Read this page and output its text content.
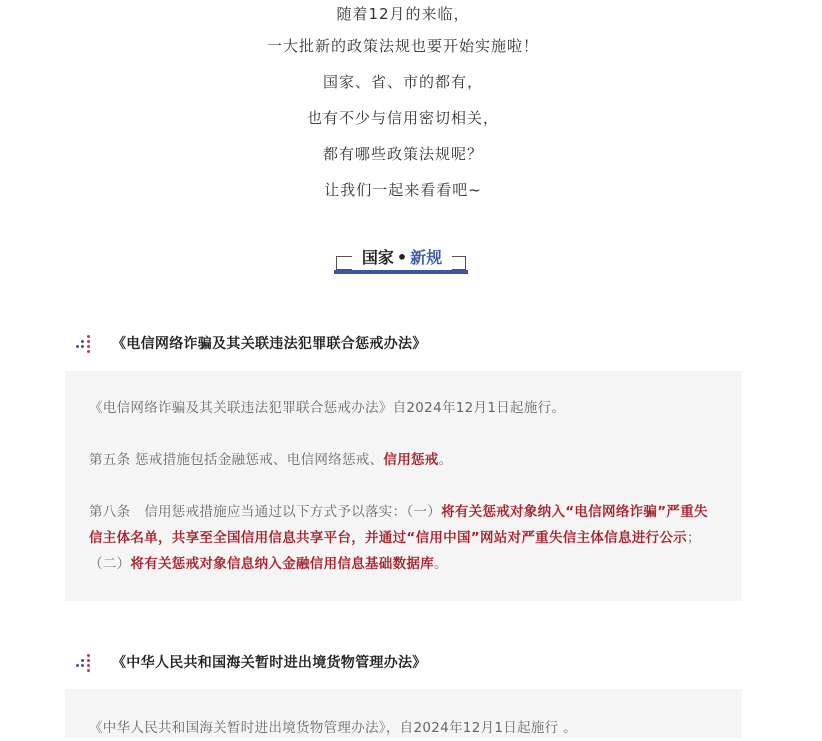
随着12月的来临，
一大批新的政策法规也要开始实施啦！
国家、省、市的都有，
也有不少与信用密切相关，
都有哪些政策法规呢？
让我们一起来看看吧~
国家 • 新规
《电信网络诈骗及其关联违法犯罪联合惩戒办法》

《电信网络诈骗及其关联违法犯罪联合惩戒办法》自2024年12月1日起施行。

第五条 惩戒措施包括金融惩戒、电信网络惩戒、信用惩戒。

第八条　信用惩戒措施应当通过以下方式予以落实：（一）将有关惩戒对象纳入“电信网络诈骗”严重失信主体名单，共享至全国信用信息共享平台，并通过“信用中国”网站对严重失信主体信息进行公示；（二）将有关惩戒对象信息纳入金融信用信息基础数据库。

《中华人民共和国海关暂时进出境货物管理办法》

《中华人民共和国海关暂时进出境货物管理办法》，自2024年12月1日起施行 。
